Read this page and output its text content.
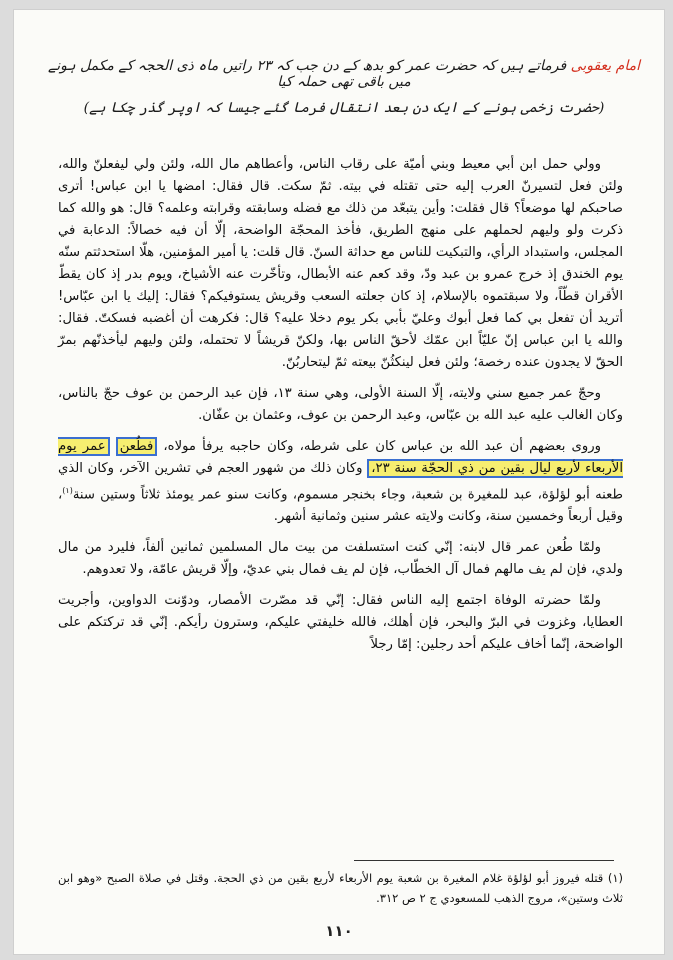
امام یعقوبی فرماتے ہیں کہ حضرت عمر کو بدھ کے دن جب کہ ۲۳ راتیں ماہ ذی الحجہ کے مکمل ہونے میں باقی تھی حملہ کیا
(حضرت زخمی ہونے کے ایک دن بعد انتقال فرما گئے جیسا کہ اوپر گذر چکا ہے)

وولي حمل ابن أبي معيط وبني أميّة على رقاب الناس، وأعطاهم مال الله، ولئن ولي ليفعلنّ والله، ولئن فعل لتسيرنّ العرب إليه حتى تقتله في بيته. ثمّ سكت. قال فقال: امضها يا ابن عباس! أترى صاحبكم لها موضعاً؟ قال فقلت: وأين يتبعّد من ذلك مع فضله وسابقته وقرابته وعلمه؟ قال: هو والله كما ذكرت ولو وليهم لحملهم على منهج الطريق، فأخذ المحجّة الواضحة، إلّا أن فيه خصالاً: الدعابة في المجلس، واستبداد الرأي، والتبكيت للناس مع حداثة السنّ. قال قلت: يا أمير المؤمنين، هلّا استحدثتم سنّه يوم الخندق إذ خرج عمرو بن عبد ودّ، وقد كعم عنه الأبطال، وتأخّرت عنه الأشياخ، ويوم بدر إذ كان يقطّ الأقران قطّاً، ولا سبقتموه بالإسلام، إذ كان جعلته السعب وقريش يستوفيكم؟ فقال: إليك يا ابن عبّاس! أتريد أن تفعل بي كما فعل أبوك وعليّ بأبي بكر يوم دخلا عليه؟ قال: فكرهت أن أغضبه فسكتّ. فقال: والله يا ابن عباس إنّ عليّاً ابن عمّك لأحقّ الناس بها، ولكنّ قريشاً لا تحتمله، ولئن وليهم ليأخذنّهم بمرّ الحقّ لا يجدون عنده رخصة؛ ولئن فعل لينكثُنّ بيعته ثمّ ليتحاربُنّ.

وحجّ عمر جميع سني ولايته، إلّا السنة الأولى، وهي سنة ١٣، فإن عبد الرحمن بن عوف حجّ بالناس، وكان الغالب عليه عبد الله بن عبّاس، وعبد الرحمن بن عوف، وعثمان بن عفّان.

وروى بعضهم أن عبد الله بن عباس كان على شرطه، وكان حاجبه يرفأ مولاه، فطُعن عمر يوم الأربعاء لأربع ليال بقين من ذي الحجّة سنة ٢٣، وكان ذلك من شهور العجم في تشرين الآخر، وكان الذي طعنه أبو لؤلؤة، عبد للمغيرة بن شعبة، وجاء بخنجر مسموم، وكانت سنو عمر يومئذ ثلاثاً وستين سنة$^{(١)}$، وقيل أربعاً وخمسين سنة، وكانت ولايته عشر سنين وثمانية أشهر.

ولمّا طُعن عمر قال لابنه: إنّي كنت استسلفت من بيت مال المسلمين ثمانين ألفاً، فليرد من مال ولدي، فإن لم يف مالهم فمال آل الخطّاب، فإن لم يف فمال بني عديّ، وإلّا قريش عامّة، ولا تعدوهم.

ولمّا حضرته الوفاة اجتمع إليه الناس فقال: إنّي قد مصّرت الأمصار، ودوّنت الدواوين، وأجريت العطايا، وغزوت في البرّ والبحر، فإن أهلك، فالله خليفتي عليكم، وسترون رأيكم. إنّي قد تركتكم على الواضحة، إنّما أخاف عليكم أحد رجلين: إمّا رجلاً

(١) قتله فيروز أبو لؤلؤة غلام المغيرة بن شعبة يوم الأربعاء لأربع بقين من ذي الحجة. وقتل في صلاة الصبح «وهو ابن ثلاث وستين»، مروج الذهب للمسعودي ج ٢ ص ٣١٢.
١١٠
